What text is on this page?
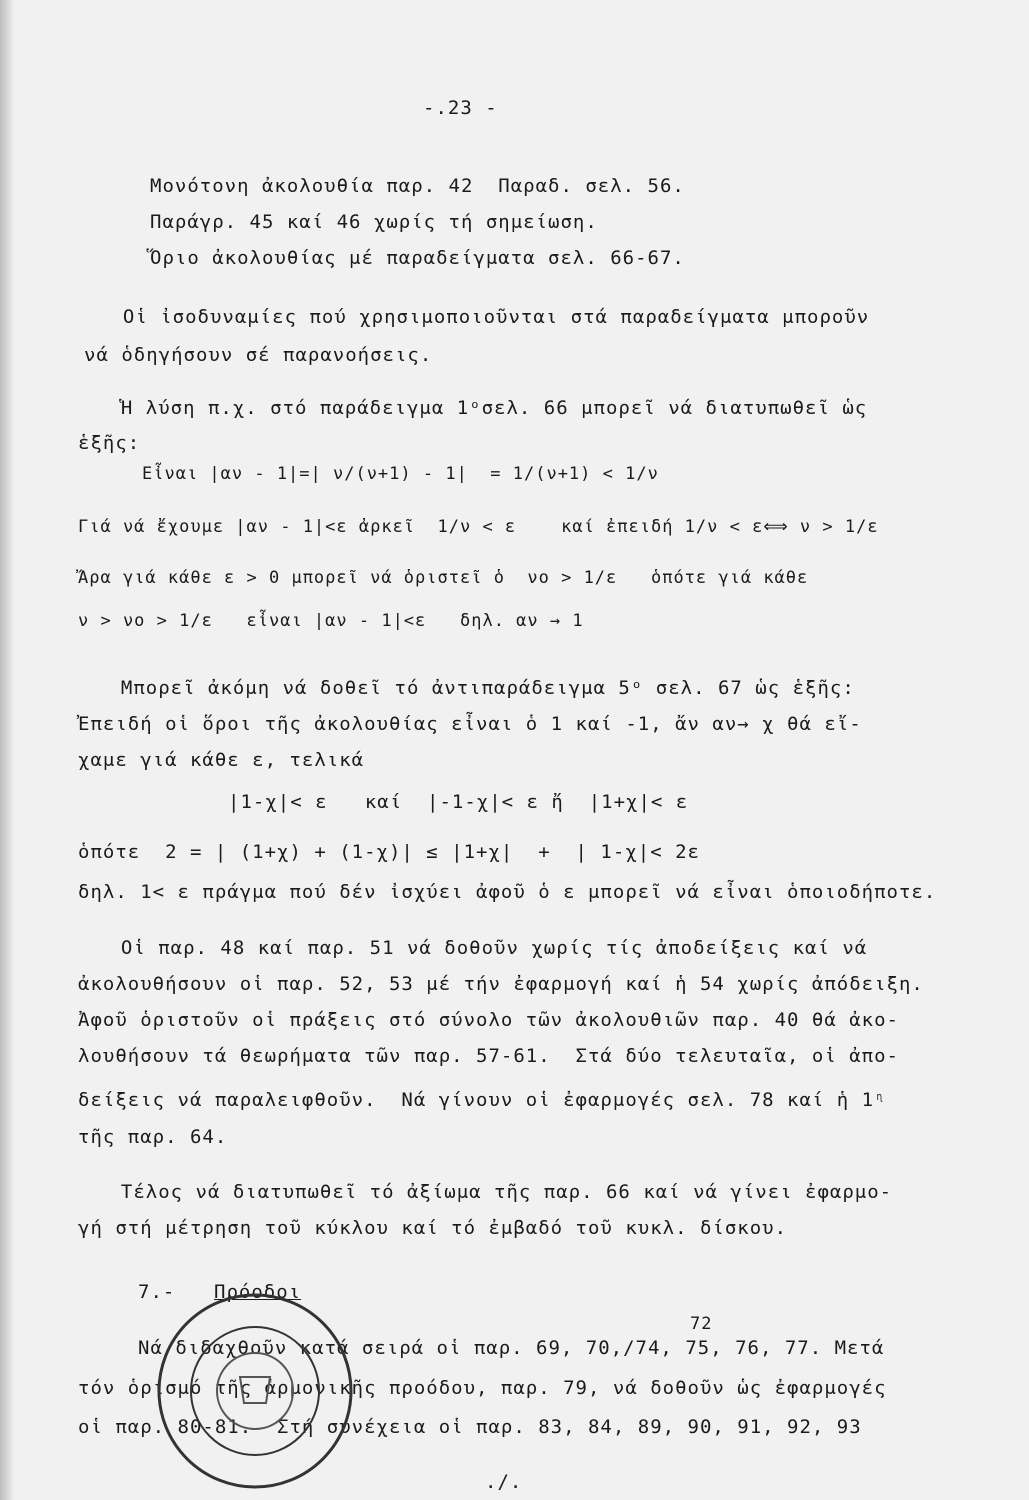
-.23 -
Μονότονη ἀκολουθία παρ. 42  Παραδ. σελ. 56.
Παράγρ. 45 καί 46 χωρίς τή σημείωση.
Ὅριο ἀκολουθίας μέ παραδείγματα σελ. 66-67.
Οἱ ἰσοδυναμίες πού χρησιμοποιοῦνται στά παραδείγματα μποροῦν
νά ὁδηγήσουν σέ παρανοήσεις.
Ἡ λύση π.χ. στό παράδειγμα 1ᵒσελ. 66 μπορεῖ νά διατυπωθεῖ ὡς
ἑξῆς:
Εἶναι |αν - 1|=| ν/(ν+1) - 1|  = 1/(ν+1) < 1/ν
Γιά νά ἔχουμε |αν - 1|<ε ἀρκεῖ  1/ν < ε    καί ἐπειδή 1/ν < ε⟺ ν > 1/ε
Ἄρα γιά κάθε ε > 0 μπορεῖ νά ὁριστεῖ ὁ  νο > 1/ε   ὁπότε γιά κάθε
ν > νο > 1/ε   εἶναι |αν - 1|<ε   δηλ. αν → 1
Μπορεῖ ἀκόμη νά δοθεῖ τό ἀντιπαράδειγμα 5ᵒ σελ. 67 ὡς ἑξῆς:
Ἐπειδή οἱ ὅροι τῆς ἀκολουθίας εἶναι ὁ 1 καί -1, ἄν αν→ χ θά εἴ-
χαμε γιά κάθε ε, τελικά
|1-χ|< ε   καί  |-1-χ|< ε ἤ  |1+χ|< ε
ὁπότε  2 = | (1+χ) + (1-χ)| ≤ |1+χ|  +  | 1-χ|< 2ε
δηλ. 1< ε πράγμα πού δέν ἰσχύει ἀφοῦ ὁ ε μπορεῖ νά εἶναι ὁποιοδήποτε.
Οἱ παρ. 48 καί παρ. 51 νά δοθοῦν χωρίς τίς ἀποδείξεις καί νά
ἀκολουθήσουν οἱ παρ. 52, 53 μέ τήν ἐφαρμογή καί ἡ 54 χωρίς ἀπόδειξη.
Ἀφοῦ ὁριστοῦν οἱ πράξεις στό σύνολο τῶν ἀκολουθιῶν παρ. 40 θά ἀκο-
λουθήσουν τά θεωρήματα τῶν παρ. 57-61.  Στά δύο τελευταῖα, οἱ ἀπο-
δείξεις νά παραλειφθοῦν.  Νά γίνουν οἱ ἐφαρμογές σελ. 78 καί ἡ 1ᶯ
τῆς παρ. 64.
Τέλος νά διατυπωθεῖ τό ἀξίωμα τῆς παρ. 66 καί νά γίνει ἐφαρμο-
γή στή μέτρηση τοῦ κύκλου καί τό ἐμβαδό τοῦ κυκλ. δίσκου.
7.- Πρόοδοι
72
Νά διδαχθοῦν κατά σειρά οἱ παρ. 69, 70,/74, 75, 76, 77. Μετά
τόν ὁρισμό τῆς ἁρμονικῆς προόδου, παρ. 79, νά δοθοῦν ὡς ἐφαρμογές
οἱ παρ. 80-81.  Στή συνέχεια οἱ παρ. 83, 84, 89, 90, 91, 92, 93
./.
